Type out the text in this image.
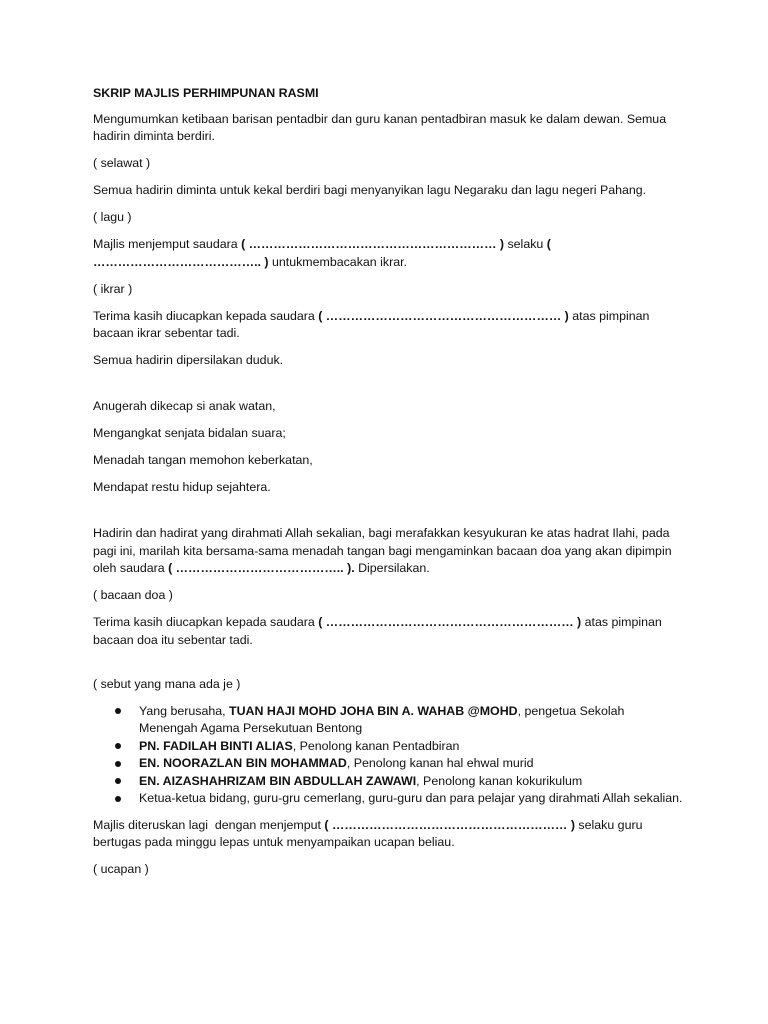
SKRIP MAJLIS PERHIMPUNAN RASMI

Mengumumkan ketibaan barisan pentadbir dan guru kanan pentadbiran masuk ke dalam dewan. Semua hadirin diminta berdiri.

( selawat )

Semua hadirin diminta untuk kekal berdiri bagi menyanyikan lagu Negaraku dan lagu negeri Pahang.

( lagu )

Majlis menjemput saudara ( …………………………………………………… ) selaku ( ………………………………….. ) untukmembacakan ikrar.

( ikrar )

Terima kasih diucapkan kepada saudara ( ………………………………………………… ) atas pimpinan bacaan ikrar sebentar tadi.

Semua hadirin dipersilakan duduk.

Anugerah dikecap si anak watan,

Mengangkat senjata bidalan suara;

Menadah tangan memohon keberkatan,

Mendapat restu hidup sejahtera.

Hadirin dan hadirat yang dirahmati Allah sekalian, bagi merafakkan kesyukuran ke atas hadrat Ilahi, pada pagi ini, marilah kita bersama-sama menadah tangan bagi mengaminkan bacaan doa yang akan dipimpin oleh saudara ( ………………………………….. ). Dipersilakan.

( bacaan doa )

Terima kasih diucapkan kepada saudara ( …………………………………………………… ) atas pimpinan bacaan doa itu sebentar tadi.

( sebut yang mana ada je )

Yang berusaha, TUAN HAJI MOHD JOHA BIN A. WAHAB @MOHD, pengetua Sekolah Menengah Agama Persekutuan Bentong
PN. FADILAH BINTI ALIAS, Penolong kanan Pentadbiran
EN. NOORAZLAN BIN MOHAMMAD, Penolong kanan hal ehwal murid
EN. AIZASHAHRIZAM BIN ABDULLAH ZAWAWI, Penolong kanan kokurikulum
Ketua-ketua bidang, guru-gru cemerlang, guru-guru dan para pelajar yang dirahmati Allah sekalian.

Majlis diteruskan lagi  dengan menjemput ( ………………………………………………… ) selaku guru bertugas pada minggu lepas untuk menyampaikan ucapan beliau.

( ucapan )
